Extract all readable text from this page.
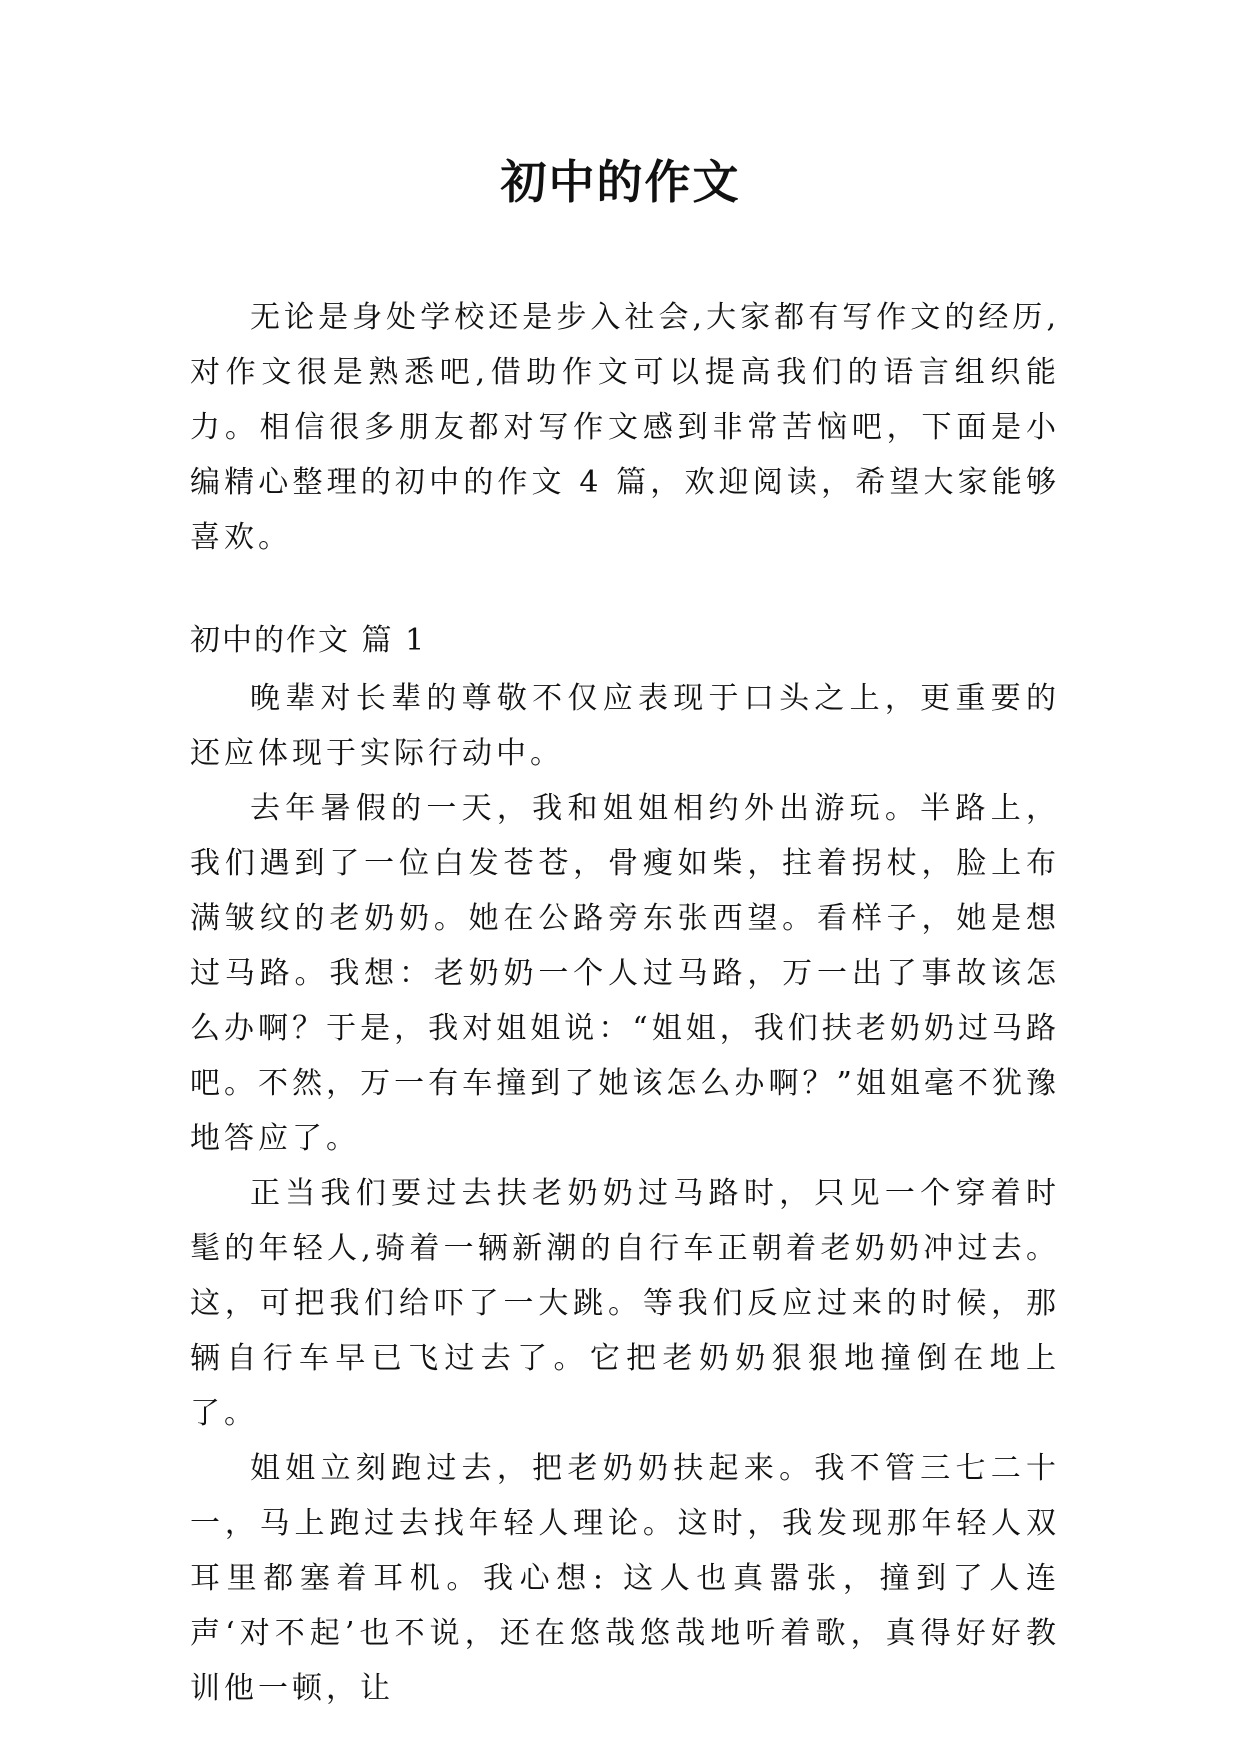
初中的作文

无论是身处学校还是步入社会,大家都有写作文的经历,对作文很是熟悉吧,借助作文可以提高我们的语言组织能力。相信很多朋友都对写作文感到非常苦恼吧，下面是小编精心整理的初中的作文 4 篇，欢迎阅读，希望大家能够喜欢。

初中的作文 篇 1

晚辈对长辈的尊敬不仅应表现于口头之上，更重要的还应体现于实际行动中。

去年暑假的一天，我和姐姐相约外出游玩。半路上，我们遇到了一位白发苍苍，骨瘦如柴，拄着拐杖，脸上布满皱纹的老奶奶。她在公路旁东张西望。看样子，她是想过马路。我想：老奶奶一个人过马路，万一出了事故该怎么办啊？于是，我对姐姐说：“姐姐，我们扶老奶奶过马路吧。不然，万一有车撞到了她该怎么办啊？”姐姐毫不犹豫地答应了。

正当我们要过去扶老奶奶过马路时，只见一个穿着时髦的年轻人,骑着一辆新潮的自行车正朝着老奶奶冲过去。这，可把我们给吓了一大跳。等我们反应过来的时候，那辆自行车早已飞过去了。它把老奶奶狠狠地撞倒在地上了。

姐姐立刻跑过去，把老奶奶扶起来。我不管三七二十一，马上跑过去找年轻人理论。这时，我发现那年轻人双耳里都塞着耳机。我心想: 这人也真嚣张，撞到了人连声‘对不起’也不说，还在悠哉悠哉地听着歌，真得好好教训他一顿，让
